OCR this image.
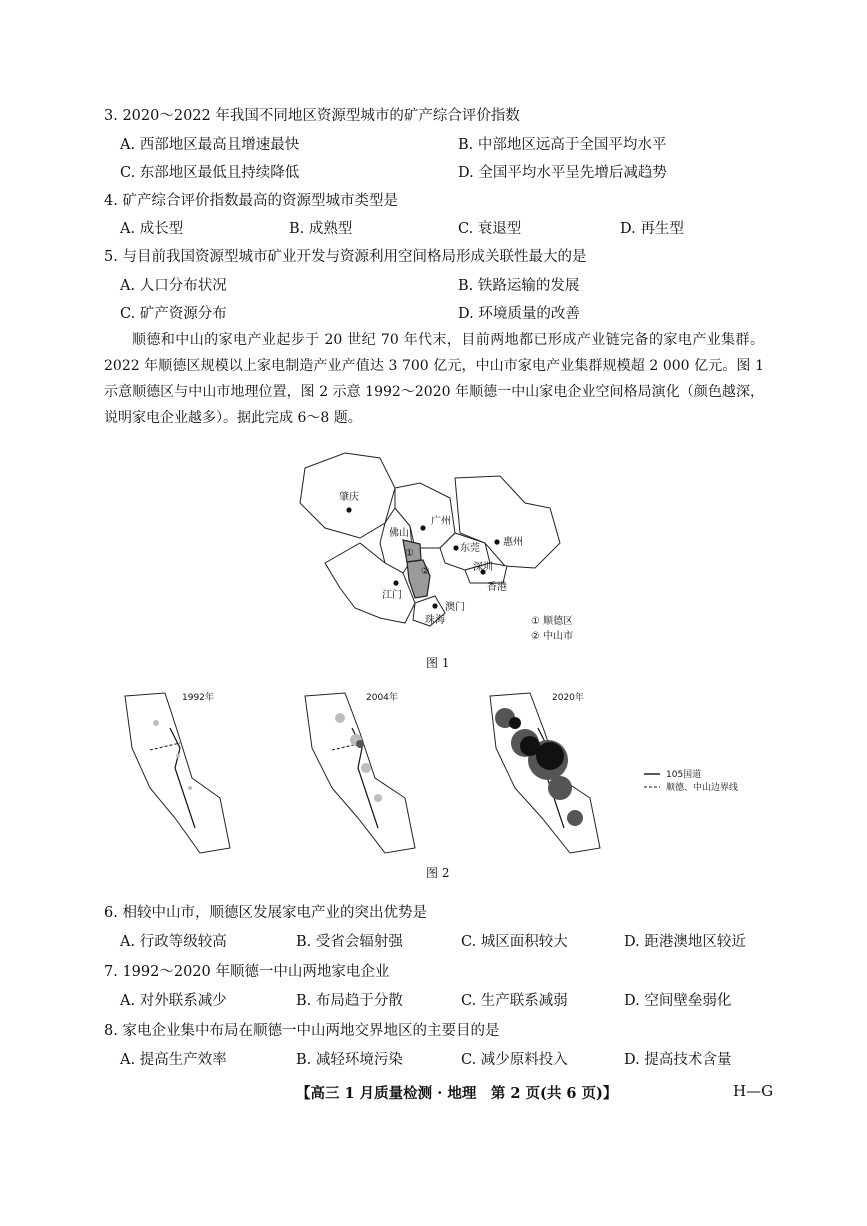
3. 2020～2022 年我国不同地区资源型城市的矿产综合评价指数
A. 西部地区最高且增速最快	B. 中部地区远高于全国平均水平
C. 东部地区最低且持续降低	D. 全国平均水平呈先增后减趋势
4. 矿产综合评价指数最高的资源型城市类型是
A. 成长型	B. 成熟型	C. 衰退型	D. 再生型
5. 与目前我国资源型城市矿业开发与资源利用空间格局形成关联性最大的是
A. 人口分布状况	B. 铁路运输的发展
C. 矿产资源分布	D. 环境质量的改善
顺德和中山的家电产业起步于 20 世纪 70 年代末，目前两地都已形成产业链完备的家电产业集群。2022 年顺德区规模以上家电制造产业产值达 3 700 亿元，中山市家电产业集群规模超 2 000 亿元。图 1 示意顺德区与中山市地理位置，图 2 示意 1992～2020 年顺德一中山家电企业空间格局演化（颜色越深，说明家电企业越多）。据此完成 6～8 题。
肇庆
佛山
广州
东莞
惠州
深圳
香港
江门
澳门
珠海
①
②
① 顺德区
② 中山市
图 1
1992年	2004年	2020年
105国道
顺德、中山边界线
图 2
6. 相较中山市，顺德区发展家电产业的突出优势是
A. 行政等级较高	B. 受省会辐射强	C. 城区面积较大	D. 距港澳地区较近
7. 1992～2020 年顺德一中山两地家电企业
A. 对外联系减少	B. 布局趋于分散	C. 生产联系减弱	D. 空间壁垒弱化
8. 家电企业集中布局在顺德一中山两地交界地区的主要目的是
A. 提高生产效率	B. 减轻环境污染	C. 减少原料投入	D. 提高技术含量
【高三 1 月质量检测 · 地理　第 2 页(共 6 页)】	H—G
